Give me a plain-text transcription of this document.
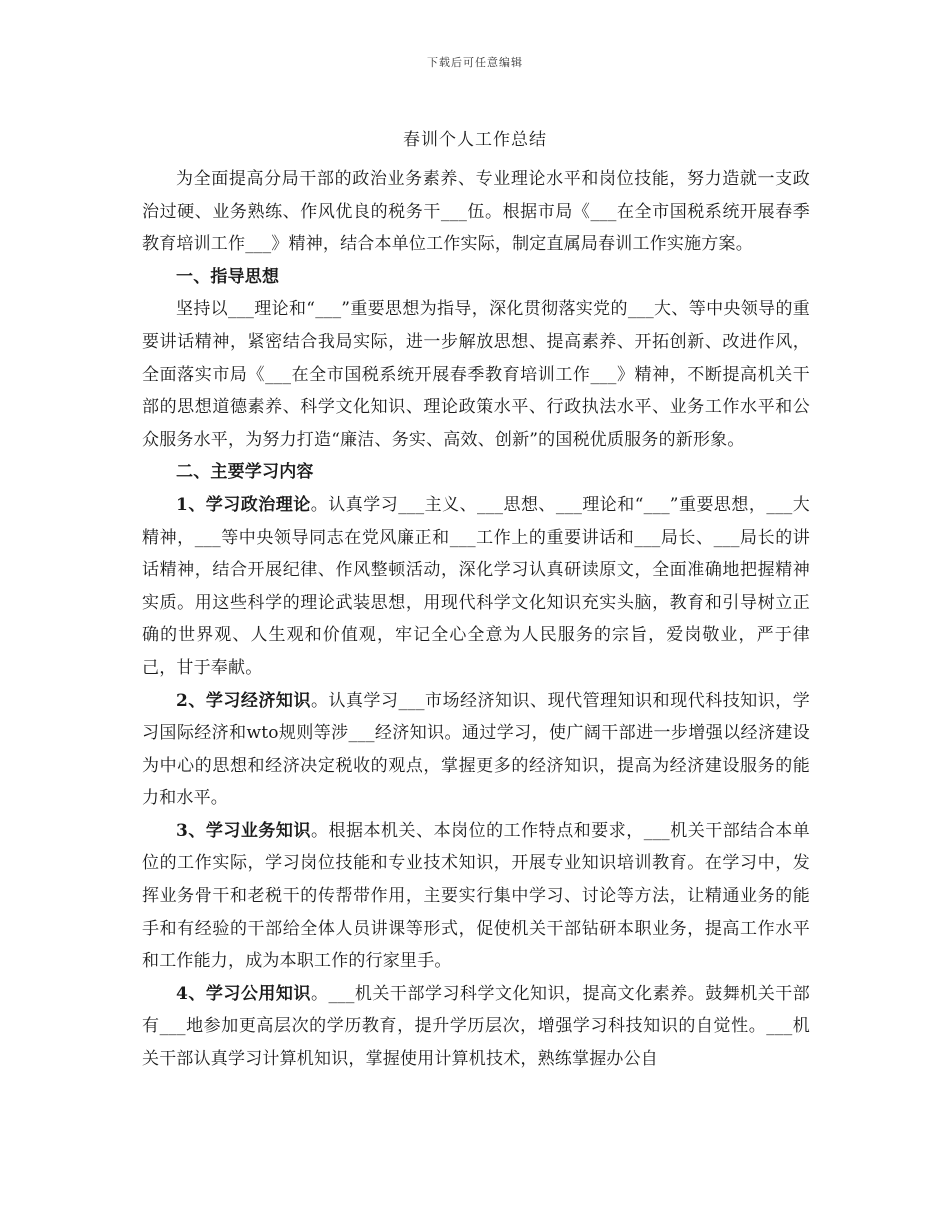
下载后可任意编辑
春训个人工作总结

为全面提高分局干部的政治业务素养、专业理论水平和岗位技能，努力造就一支政治过硬、业务熟练、作风优良的税务干___伍。根据市局《___在全市国税系统开展春季教育培训工作___》精神，结合本单位工作实际，制定直属局春训工作实施方案。

一、指导思想

坚持以___理论和“___”重要思想为指导，深化贯彻落实党的___大、等中央领导的重要讲话精神，紧密结合我局实际，进一步解放思想、提高素养、开拓创新、改进作风，全面落实市局《___在全市国税系统开展春季教育培训工作___》精神，不断提高机关干部的思想道德素养、科学文化知识、理论政策水平、行政执法水平、业务工作水平和公众服务水平，为努力打造“廉洁、务实、高效、创新”的国税优质服务的新形象。

二、主要学习内容

1、学习政治理论。认真学习___主义、___思想、___理论和“___”重要思想，___大精神，___等中央领导同志在党风廉正和___工作上的重要讲话和___局长、___局长的讲话精神，结合开展纪律、作风整顿活动，深化学习认真研读原文，全面准确地把握精神实质。用这些科学的理论武装思想，用现代科学文化知识充实头脑，教育和引导树立正确的世界观、人生观和价值观，牢记全心全意为人民服务的宗旨，爱岗敬业，严于律己，甘于奉献。

2、学习经济知识。认真学习___市场经济知识、现代管理知识和现代科技知识，学习国际经济和wto规则等涉___经济知识。通过学习，使广阔干部进一步增强以经济建设为中心的思想和经济决定税收的观点，掌握更多的经济知识，提高为经济建设服务的能力和水平。

3、学习业务知识。根据本机关、本岗位的工作特点和要求，___机关干部结合本单位的工作实际，学习岗位技能和专业技术知识，开展专业知识培训教育。在学习中，发挥业务骨干和老税干的传帮带作用，主要实行集中学习、讨论等方法，让精通业务的能手和有经验的干部给全体人员讲课等形式，促使机关干部钻研本职业务，提高工作水平和工作能力，成为本职工作的行家里手。

4、学习公用知识。___机关干部学习科学文化知识，提高文化素养。鼓舞机关干部有___地参加更高层次的学历教育，提升学历层次，增强学习科技知识的自觉性。___机关干部认真学习计算机知识，掌握使用计算机技术，熟练掌握办公自
